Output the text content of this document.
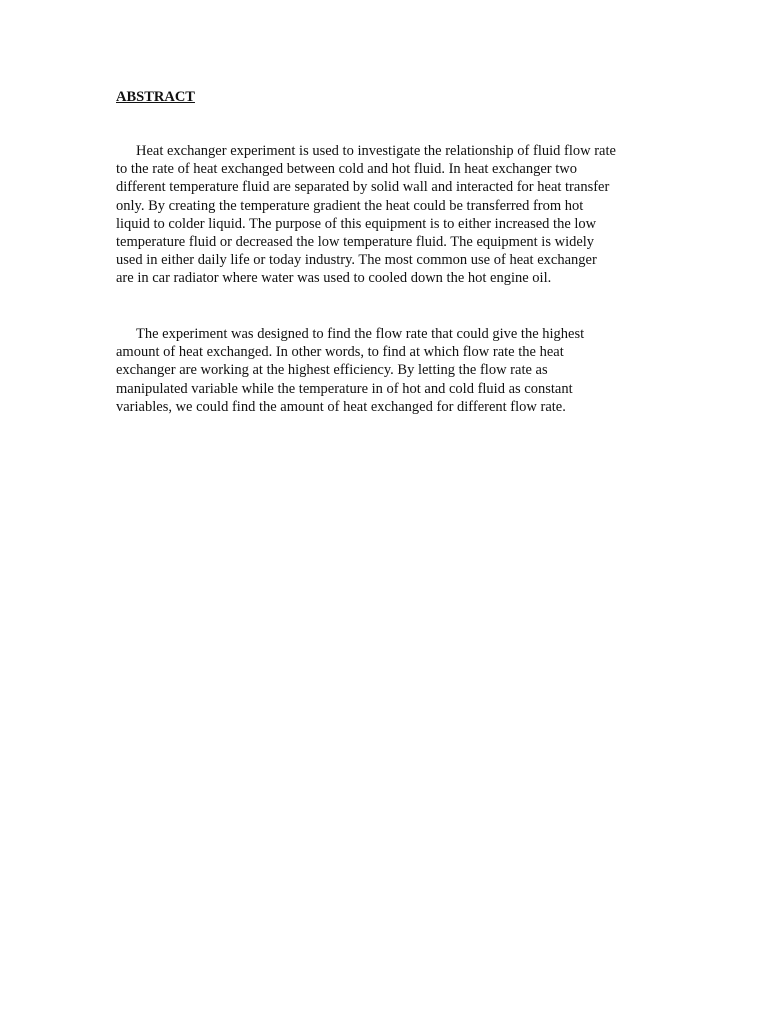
ABSTRACT

Heat exchanger experiment is used to investigate the relationship of fluid flow rate
to the rate of heat exchanged between cold and hot fluid. In heat exchanger two
different temperature fluid are separated by solid wall and interacted for heat transfer
only. By creating the temperature gradient the heat could be transferred from hot
liquid to colder liquid. The purpose of this equipment is to either increased the low
temperature fluid or decreased the low temperature fluid. The equipment is widely
used in either daily life or today industry. The most common use of heat exchanger
are in car radiator where water was used to cooled down the hot engine oil.

The experiment was designed to find the flow rate that could give the highest
amount of heat exchanged. In other words, to find at which flow rate the heat
exchanger are working at the highest efficiency. By letting the flow rate as
manipulated variable while the temperature in of hot and cold fluid as constant
variables, we could find the amount of heat exchanged for different flow rate.
